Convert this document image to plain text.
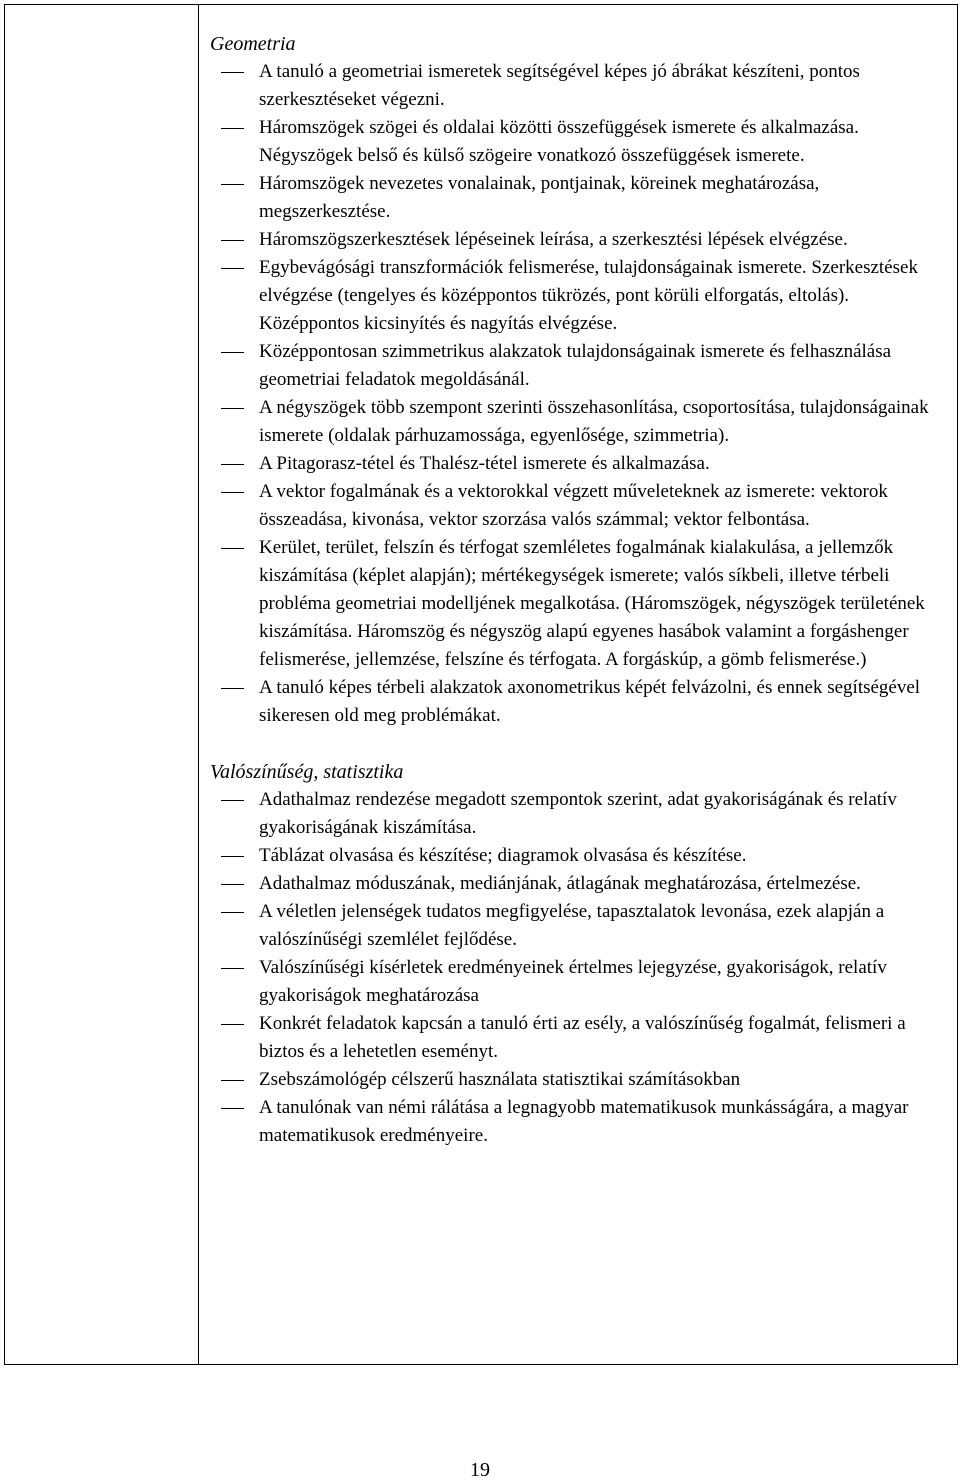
Geometria
A tanuló a geometriai ismeretek segítségével képes jó ábrákat készíteni, pontos szerkesztéseket végezni.
Háromszögek szögei és oldalai közötti összefüggések ismerete és alkalmazása. Négyszögek belső és külső szögeire vonatkozó összefüggések ismerete.
Háromszögek nevezetes vonalainak, pontjainak, köreinek meghatározása, megszerkesztése.
Háromszögszerkesztések lépéseinek leírása, a szerkesztési lépések elvégzése.
Egybevágósági transzformációk felismerése, tulajdonságainak ismerete. Szerkesztések elvégzése (tengelyes és középpontos tükrözés, pont körüli elforgatás, eltolás). Középpontos kicsinyítés és nagyítás elvégzése.
Középpontosan szimmetrikus alakzatok tulajdonságainak ismerete és felhasználása geometriai feladatok megoldásánál.
A négyszögek több szempont szerinti összehasonlítása, csoportosítása, tulajdonságainak ismerete (oldalak párhuzamossága, egyenlősége, szimmetria).
A Pitagorasz-tétel és Thalész-tétel ismerete és alkalmazása.
A vektor fogalmának és a vektorokkal végzett műveleteknek az ismerete: vektorok összeadása, kivonása, vektor szorzása valós számmal; vektor felbontása.
Kerület, terület, felszín és térfogat szemléletes fogalmának kialakulása, a jellemzők kiszámítása (képlet alapján); mértékegységek ismerete; valós síkbeli, illetve térbeli probléma geometriai modelljének megalkotása. (Háromszögek, négyszögek területének kiszámítása. Háromszög és négyszög alapú egyenes hasábok valamint a forgáshenger felismerése, jellemzése, felszíne és térfogata. A forgáskúp, a gömb felismerése.)
A tanuló képes térbeli alakzatok axonometrikus képét felvázolni, és ennek segítségével sikeresen old meg problémákat.
Valószínűség, statisztika
Adathalmaz rendezése megadott szempontok szerint, adat gyakoriságának és relatív gyakoriságának kiszámítása.
Táblázat olvasása és készítése; diagramok olvasása és készítése.
Adathalmaz móduszának, mediánjának, átlagának meghatározása, értelmezése.
A véletlen jelenségek tudatos megfigyelése, tapasztalatok levonása, ezek alapján a valószínűségi szemlélet fejlődése.
Valószínűségi kísérletek eredményeinek értelmes lejegyzése, gyakoriságok, relatív gyakoriságok meghatározása
Konkrét feladatok kapcsán a tanuló érti az esély, a valószínűség fogalmát, felismeri a biztos és a lehetetlen eseményt.
Zsebszámológép célszerű használata statisztikai számításokban
A tanulónak van némi rálátása a legnagyobb matematikusok munkásságára, a magyar matematikusok eredményeire.
19
